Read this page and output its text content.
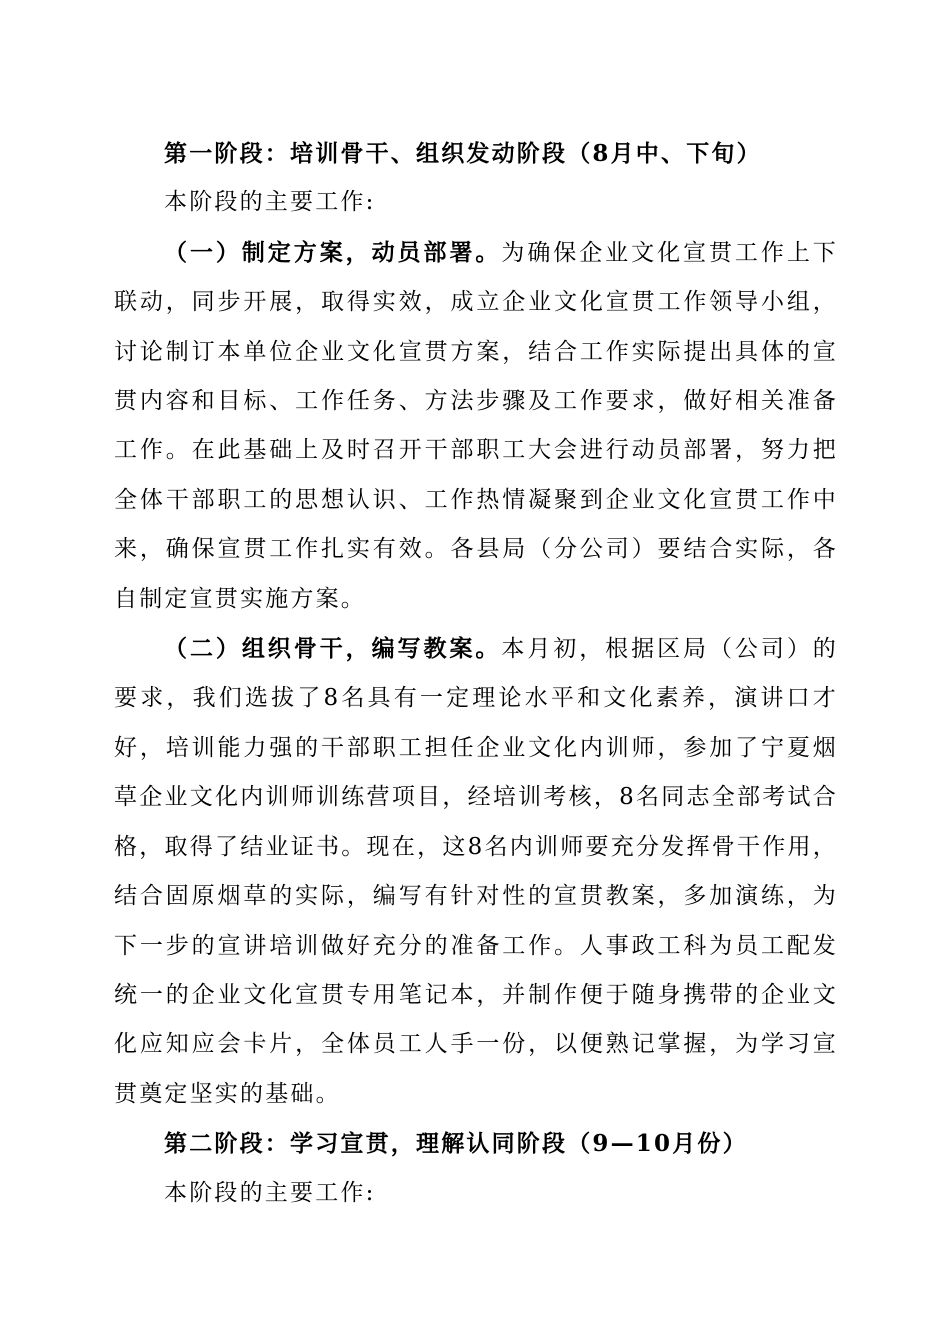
第一阶段：培训骨干、组织发动阶段（8月中、下旬）

本阶段的主要工作:

（一）制定方案，动员部署。为确保企业文化宣贯工作上下联动，同步开展，取得实效，成立企业文化宣贯工作领导小组，讨论制订本单位企业文化宣贯方案，结合工作实际提出具体的宣贯内容和目标、工作任务、方法步骤及工作要求，做好相关准备工作。在此基础上及时召开干部职工大会进行动员部署，努力把全体干部职工的思想认识、工作热情凝聚到企业文化宣贯工作中来，确保宣贯工作扎实有效。各县局（分公司）要结合实际，各自制定宣贯实施方案。

（二）组织骨干，编写教案。本月初，根据区局（公司）的要求，我们选拔了8名具有一定理论水平和文化素养，演讲口才好，培训能力强的干部职工担任企业文化内训师，参加了宁夏烟草企业文化内训师训练营项目，经培训考核，8名同志全部考试合格，取得了结业证书。现在，这8名内训师要充分发挥骨干作用，结合固原烟草的实际，编写有针对性的宣贯教案，多加演练，为下一步的宣讲培训做好充分的准备工作。人事政工科为员工配发统一的企业文化宣贯专用笔记本，并制作便于随身携带的企业文化应知应会卡片，全体员工人手一份，以便熟记掌握，为学习宣贯奠定坚实的基础。

第二阶段：学习宣贯，理解认同阶段（9—10月份）

本阶段的主要工作:
